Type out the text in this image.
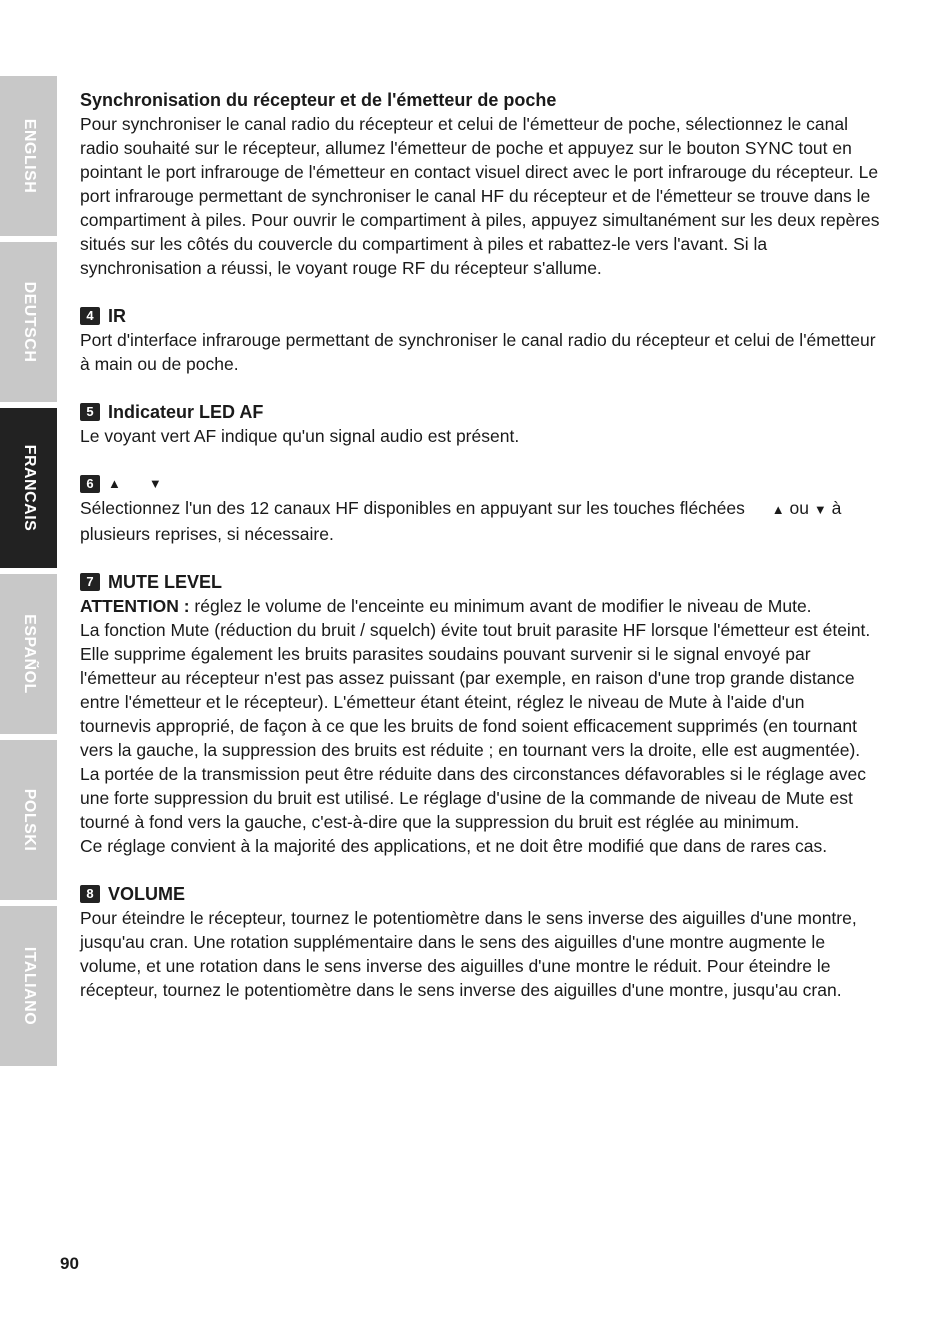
ENGLISH
DEUTSCH
FRANCAIS
ESPAÑOL
POLSKI
ITALIANO
Synchronisation du récepteur et de l'émetteur de poche

Pour synchroniser le canal radio du récepteur et celui de l'émetteur de poche, sélectionnez le canal radio souhaité sur le récepteur, allumez l'émetteur de poche et appuyez sur le bouton SYNC tout en pointant le port infrarouge de l'émetteur en contact visuel direct avec le port infrarouge du récepteur. Le port infrarouge permettant de synchroniser le canal HF du récepteur et de l'émetteur se trouve dans le compartiment à piles. Pour ouvrir le compartiment à piles, appuyez simultanément sur les deux repères situés sur les côtés du couvercle du compartiment à piles et rabattez-le vers l'avant. Si la synchronisation a réussi, le voyant rouge RF du récepteur s'allume.

4 IR

Port d'interface infrarouge permettant de synchroniser le canal radio du récepteur et celui de l'émetteur à main ou de poche.

5 Indicateur LED AF

Le voyant vert AF indique qu'un signal audio est présent.

6	▲ ▼

Sélectionnez l'un des 12 canaux HF disponibles en appuyant sur les touches fléchées ▲ ou ▼ à plusieurs reprises, si nécessaire.

7 MUTE LEVEL

ATTENTION : réglez le volume de l'enceinte eu minimum avant de modifier le niveau de Mute.

La fonction Mute (réduction du bruit / squelch) évite tout bruit parasite HF lorsque l'émetteur est éteint. Elle supprime également les bruits parasites soudains pouvant survenir si le signal envoyé par l'émetteur au récepteur n'est pas assez puissant (par exemple, en raison d'une trop grande distance entre l'émetteur et le récepteur). L'émetteur étant éteint, réglez le niveau de Mute à l'aide d'un tournevis approprié, de façon à ce que les bruits de fond soient efficacement supprimés (en tournant vers la gauche, la suppression des bruits est réduite ; en tournant vers la droite, elle est augmentée). La portée de la transmission peut être réduite dans des circonstances défavorables si le réglage avec une forte suppression du bruit est utilisé. Le réglage d'usine de la commande de niveau de Mute est tourné à fond vers la gauche, c'est-à-dire que la suppression du bruit est réglée au minimum.

Ce réglage convient à la majorité des applications, et ne doit être modifié que dans de rares cas.

8 VOLUME

Pour éteindre le récepteur, tournez le potentiomètre dans le sens inverse des aiguilles d'une montre, jusqu'au cran. Une rotation supplémentaire dans le sens des aiguilles d'une montre augmente le volume, et une rotation dans le sens inverse des aiguilles d'une montre le réduit. Pour éteindre le récepteur, tournez le potentiomètre dans le sens inverse des aiguilles d'une montre, jusqu'au cran.

90
